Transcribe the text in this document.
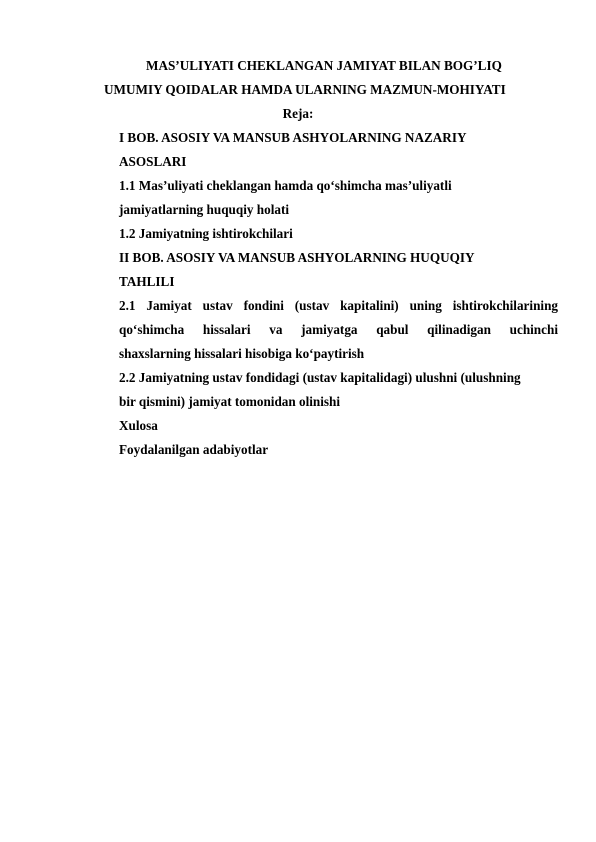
MAS’ULIYATI CHEKLANGAN JAMIYAT BILAN BOG’LIQ
UMUMIY QOIDALAR HAMDA ULARNING MAZMUN-MOHIYATI
Reja:
I BOB. ASOSIY VA MANSUB ASHYOLARNING NAZARIY
ASOSLARI
1.1 Mas’uliyati cheklangan hamda qo‘shimcha mas’uliyatli
jamiyatlarning huquqiy holati
1.2 Jamiyatning ishtirokchilari
II BOB. ASOSIY VA MANSUB ASHYOLARNING HUQUQIY
TAHLILI
2.1 Jamiyat ustav fondini (ustav kapitalini) uning ishtirokchilarining
qo‘shimcha hissalari va jamiyatga qabul qilinadigan uchinchi
shaxslarning hissalari hisobiga ko‘paytirish
2.2 Jamiyatning ustav fondidagi (ustav kapitalidagi) ulushni (ulushning
bir qismini) jamiyat tomonidan olinishi
Xulosa
Foydalanilgan adabiyotlar
